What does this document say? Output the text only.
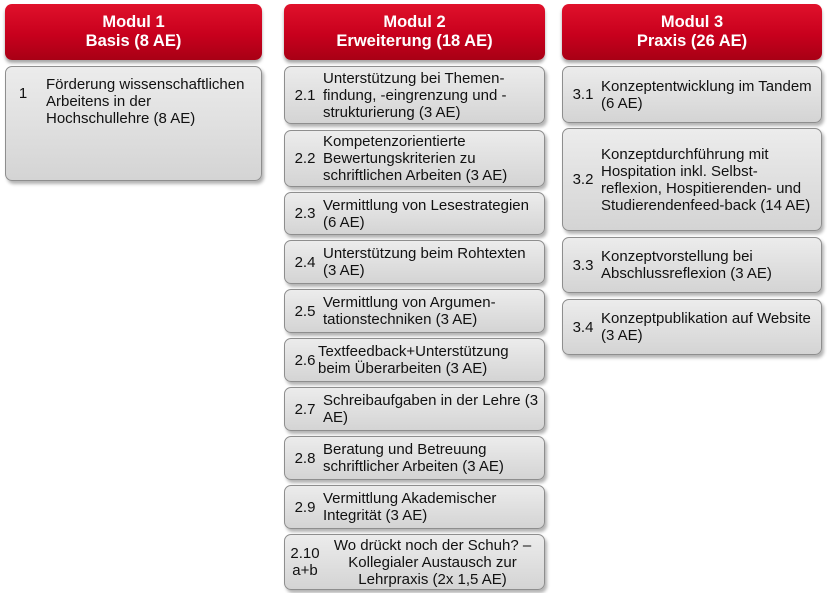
Modul 1
Basis (8 AE)
1
Förderung wissenschaftlichen Arbeitens in der Hochschullehre (8 AE)
Modul 2
Erweiterung (18 AE)
2.1
Unterstützung bei Themen-findung, -eingrenzung und -strukturierung (3 AE)
2.2
Kompetenzorientierte Bewertungskriterien zu schriftlichen Arbeiten (3 AE)
2.3 Vermittlung von Lesestrategien (6 AE)
2.4 Unterstützung beim Rohtexten (3 AE)
2.5 Vermittlung von Argumen-tationstechniken (3 AE)
2.6 Textfeedback+Unterstützung beim Überarbeiten (3 AE)
2.7 Schreibaufgaben in der Lehre (3 AE)
2.8 Beratung und Betreuung schriftlicher Arbeiten (3 AE)
2.9 Vermittlung Akademischer Integrität (3 AE)
2.10 a+b
Wo drückt noch der Schuh? – Kollegialer Austausch zur Lehrpraxis (2x 1,5 AE)
Modul 3
Praxis (26 AE)
3.1 Konzeptentwicklung im Tandem (6 AE)
3.2
Konzeptdurchführung mit Hospitation inkl. Selbst-reflexion, Hospitierenden- und Studierendenfeed-back (14 AE)
3.3 Konzeptvorstellung bei Abschlussreflexion (3 AE)
3.4 Konzeptpublikation auf Website (3 AE)
